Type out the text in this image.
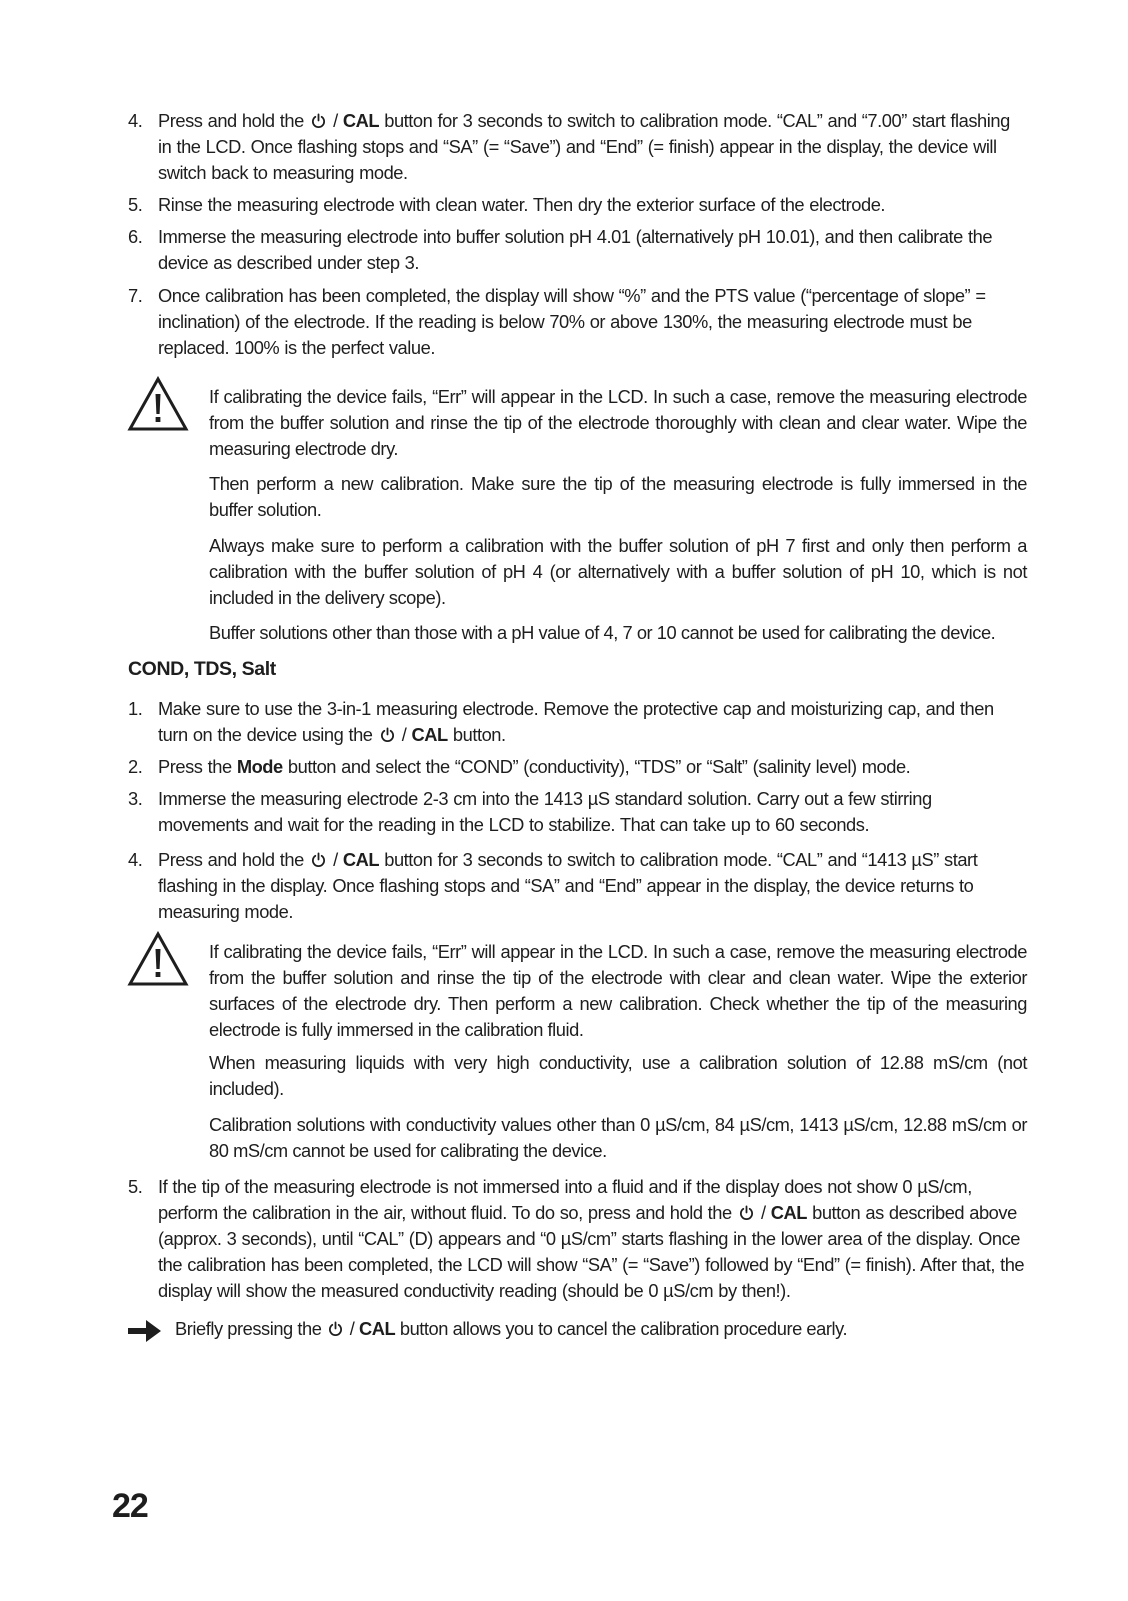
4. Press and hold the  / CAL button for 3 seconds to switch to calibration mode. “CAL” and “7.00” start flashing
in the LCD. Once flashing stops and “SA” (= “Save”) and “End” (= finish) appear in the display, the device will
switch back to measuring mode.
5. Rinse the measuring electrode with clean water. Then dry the exterior surface of the electrode.
6. Immerse the measuring electrode into buffer solution pH 4.01 (alternatively pH 10.01), and then calibrate the
device as described under step 3.
7. Once calibration has been completed, the display will show “%” and the PTS value (“percentage of slope” =
inclination) of the electrode. If the reading is below 70% or above 130%, the measuring electrode must be
replaced. 100% is the perfect value.
If calibrating the device fails, “Err” will appear in the LCD. In such a case, remove the measuring electrode
from the buffer solution and rinse the tip of the electrode thoroughly with clean and clear water. Wipe the
measuring electrode dry.
Then perform a new calibration. Make sure the tip of the measuring electrode is fully immersed in the
buffer solution.
Always make sure to perform a calibration with the buffer solution of pH 7 first and only then perform a
calibration with the buffer solution of pH 4 (or alternatively with a buffer solution of pH 10, which is not
included in the delivery scope).
Buffer solutions other than those with a pH value of 4, 7 or 10 cannot be used for calibrating the device.
COND, TDS, Salt
1. Make sure to use the 3-in-1 measuring electrode. Remove the protective cap and moisturizing cap, and then
turn on the device using the  / CAL button.
2. Press the Mode button and select the “COND” (conductivity), “TDS” or “Salt” (salinity level) mode.
3. Immerse the measuring electrode 2-3 cm into the 1413 µS standard solution. Carry out a few stirring
movements and wait for the reading in the LCD to stabilize. That can take up to 60 seconds.
4. Press and hold the  / CAL button for 3 seconds to switch to calibration mode. “CAL” and “1413 µS” start
flashing in the display. Once flashing stops and “SA” and “End” appear in the display, the device returns to
measuring mode.
If calibrating the device fails, “Err” will appear in the LCD. In such a case, remove the measuring electrode
from the buffer solution and rinse the tip of the electrode with clear and clean water. Wipe the exterior
surfaces of the electrode dry. Then perform a new calibration. Check whether the tip of the measuring
electrode is fully immersed in the calibration fluid.
When measuring liquids with very high conductivity, use a calibration solution of 12.88 mS/cm (not
included).
Calibration solutions with conductivity values other than 0 µS/cm, 84 µS/cm, 1413 µS/cm, 12.88 mS/cm or
80 mS/cm cannot be used for calibrating the device.
5. If the tip of the measuring electrode is not immersed into a fluid and if the display does not show 0 µS/cm,
perform the calibration in the air, without fluid. To do so, press and hold the  / CAL button as described above
(approx. 3 seconds), until “CAL” (D) appears and “0 µS/cm” starts flashing in the lower area of the display. Once
the calibration has been completed, the LCD will show “SA” (= “Save”) followed by “End” (= finish). After that, the
display will show the measured conductivity reading (should be 0 µS/cm by then!).
Briefly pressing the  / CAL button allows you to cancel the calibration procedure early.
22
